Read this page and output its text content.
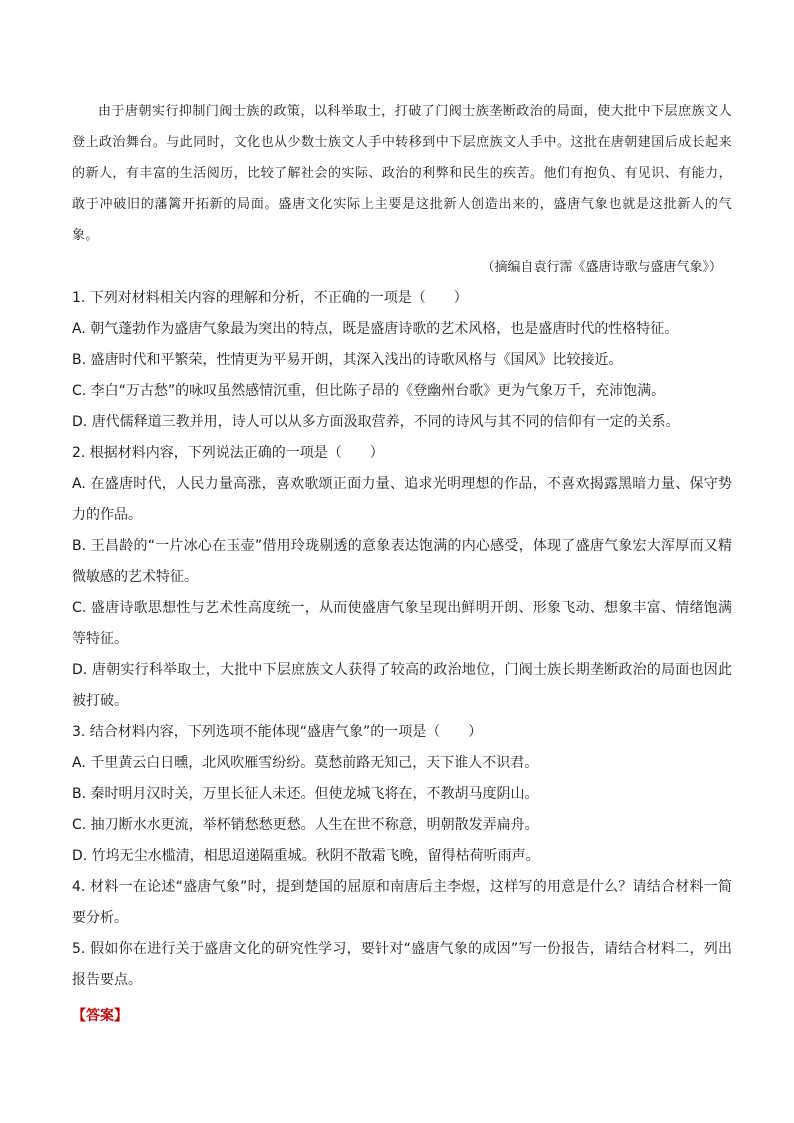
由于唐朝实行抑制门阀士族的政策，以科举取士，打破了门阀士族垄断政治的局面，使大批中下层庶族文人登上政治舞台。与此同时，文化也从少数士族文人手中转移到中下层庶族文人手中。这批在唐朝建国后成长起来的新人，有丰富的生活阅历，比较了解社会的实际、政治的利弊和民生的疾苦。他们有抱负、有见识、有能力，敢于冲破旧的藩篱开拓新的局面。盛唐文化实际上主要是这批新人创造出来的，盛唐气象也就是这批新人的气象。

（摘编自袁行霈《盛唐诗歌与盛唐气象》）
1. 下列对材料相关内容的理解和分析，不正确的一项是（　　）
A. 朝气蓬勃作为盛唐气象最为突出的特点，既是盛唐诗歌的艺术风格，也是盛唐时代的性格特征。
B. 盛唐时代和平繁荣，性情更为平易开朗，其深入浅出的诗歌风格与《国风》比较接近。
C. 李白“万古愁”的咏叹虽然感情沉重，但比陈子昂的《登幽州台歌》更为气象万千，充沛饱满。
D. 唐代儒释道三教并用，诗人可以从多方面汲取营养，不同的诗风与其不同的信仰有一定的关系。
2. 根据材料内容，下列说法正确的一项是（　　）

A. 在盛唐时代，人民力量高涨，喜欢歌颂正面力量、追求光明理想的作品，不喜欢揭露黑暗力量、保守势力的作品。

B. 王昌龄的“一片冰心在玉壶”借用玲珑剔透的意象表达饱满的内心感受，体现了盛唐气象宏大浑厚而又精微敏感的艺术特征。

C. 盛唐诗歌思想性与艺术性高度统一，从而使盛唐气象呈现出鲜明开朗、形象飞动、想象丰富、情绪饱满等特征。

D. 唐朝实行科举取士，大批中下层庶族文人获得了较高的政治地位，门阀士族长期垄断政治的局面也因此被打破。

3. 结合材料内容，下列选项不能体现“盛唐气象”的一项是（　　）
A. 千里黄云白日曛，北风吹雁雪纷纷。莫愁前路无知己，天下谁人不识君。
B. 秦时明月汉时关，万里长征人未还。但使龙城飞将在，不教胡马度阴山。
C. 抽刀断水水更流，举杯销愁愁更愁。人生在世不称意，明朝散发弄扁舟。
D. 竹坞无尘水槛清，相思迢递隔重城。秋阴不散霜飞晚，留得枯荷听雨声。

4. 材料一在论述“盛唐气象”时，提到楚国的屈原和南唐后主李煜，这样写的用意是什么？请结合材料一简要分析。

5. 假如你在进行关于盛唐文化的研究性学习，要针对“盛唐气象的成因”写一份报告，请结合材料二，列出报告要点。

【答案】
